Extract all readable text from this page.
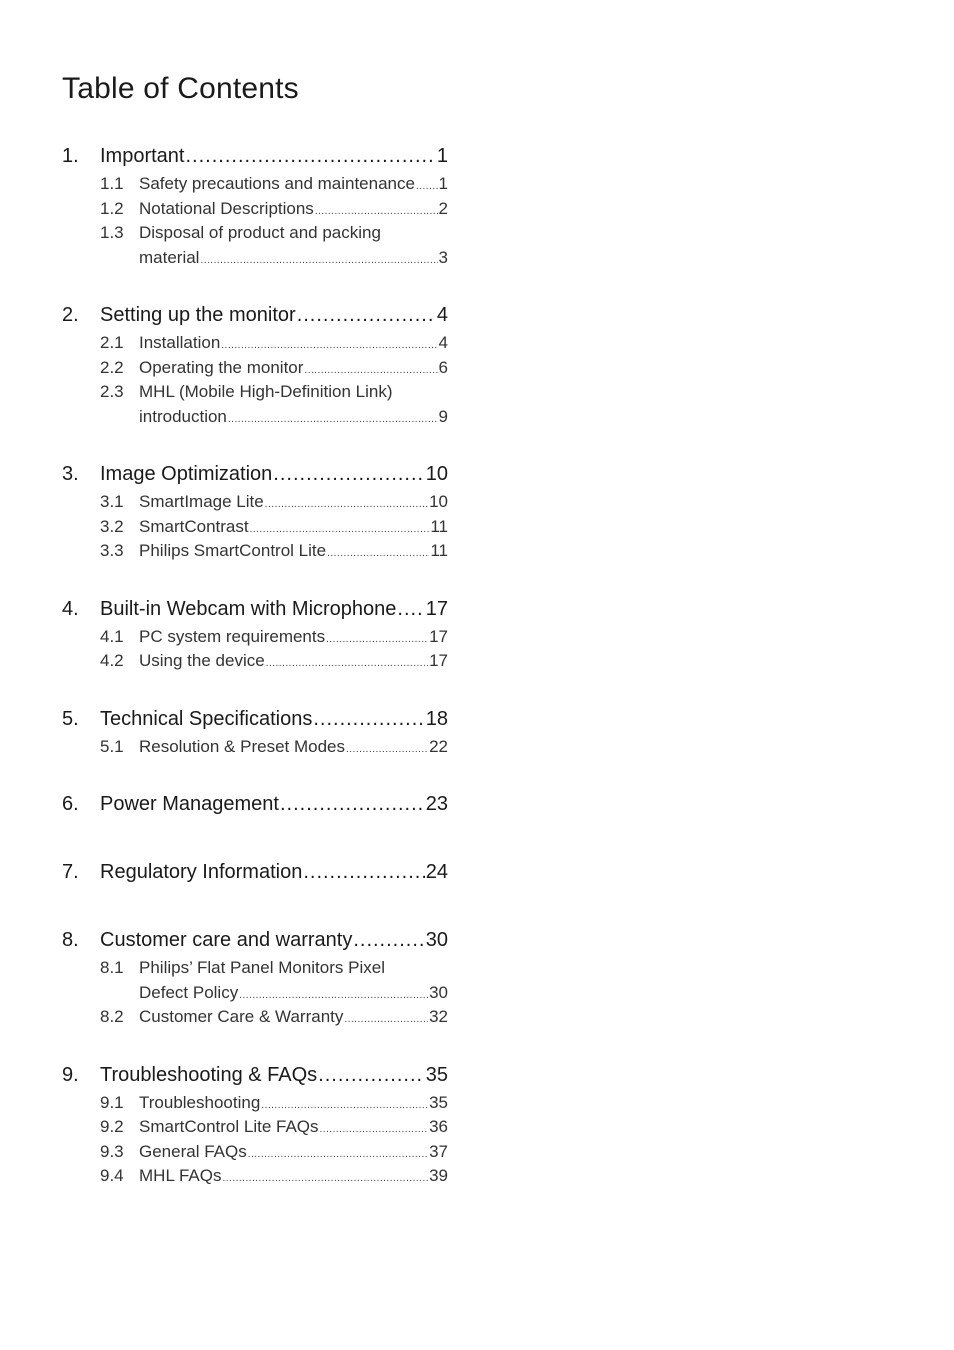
Table of Contents
1.	Important .....	1
1.1 Safety precautions and maintenance ..... 1
1.2 Notational Descriptions .....	2
1.3 Disposal of product and packing
material .....	3
2.	Setting up the monitor .....	4
2.1 Installation .....	4
2.2 Operating the monitor .....	6
2.3 MHL (Mobile High-Definition Link)
introduction .....	9
3.	Image Optimization .....	10
3.1 SmartImage Lite .....	10
3.2 SmartContrast .....	11
3.3 Philips SmartControl Lite .....	11
4.	Built-in Webcam with Microphone ..... 17
4.1 PC system requirements .....	17
4.2 Using the device .....	17
5.	Technical Specifications .....	18
5.1 Resolution & Preset Modes .....	22
6.	Power Management .....	23
7.	Regulatory Information .....	24
8.	Customer care and warranty .....	30
8.1 Philips’ Flat Panel Monitors Pixel
Defect Policy .....	30
8.2 Customer Care & Warranty .....	32
9.	Troubleshooting & FAQs .....	35
9.1 Troubleshooting .....	35
9.2 SmartControl Lite FAQs .....	36
9.3 General FAQs .....	37
9.4 MHL FAQs .....	39
